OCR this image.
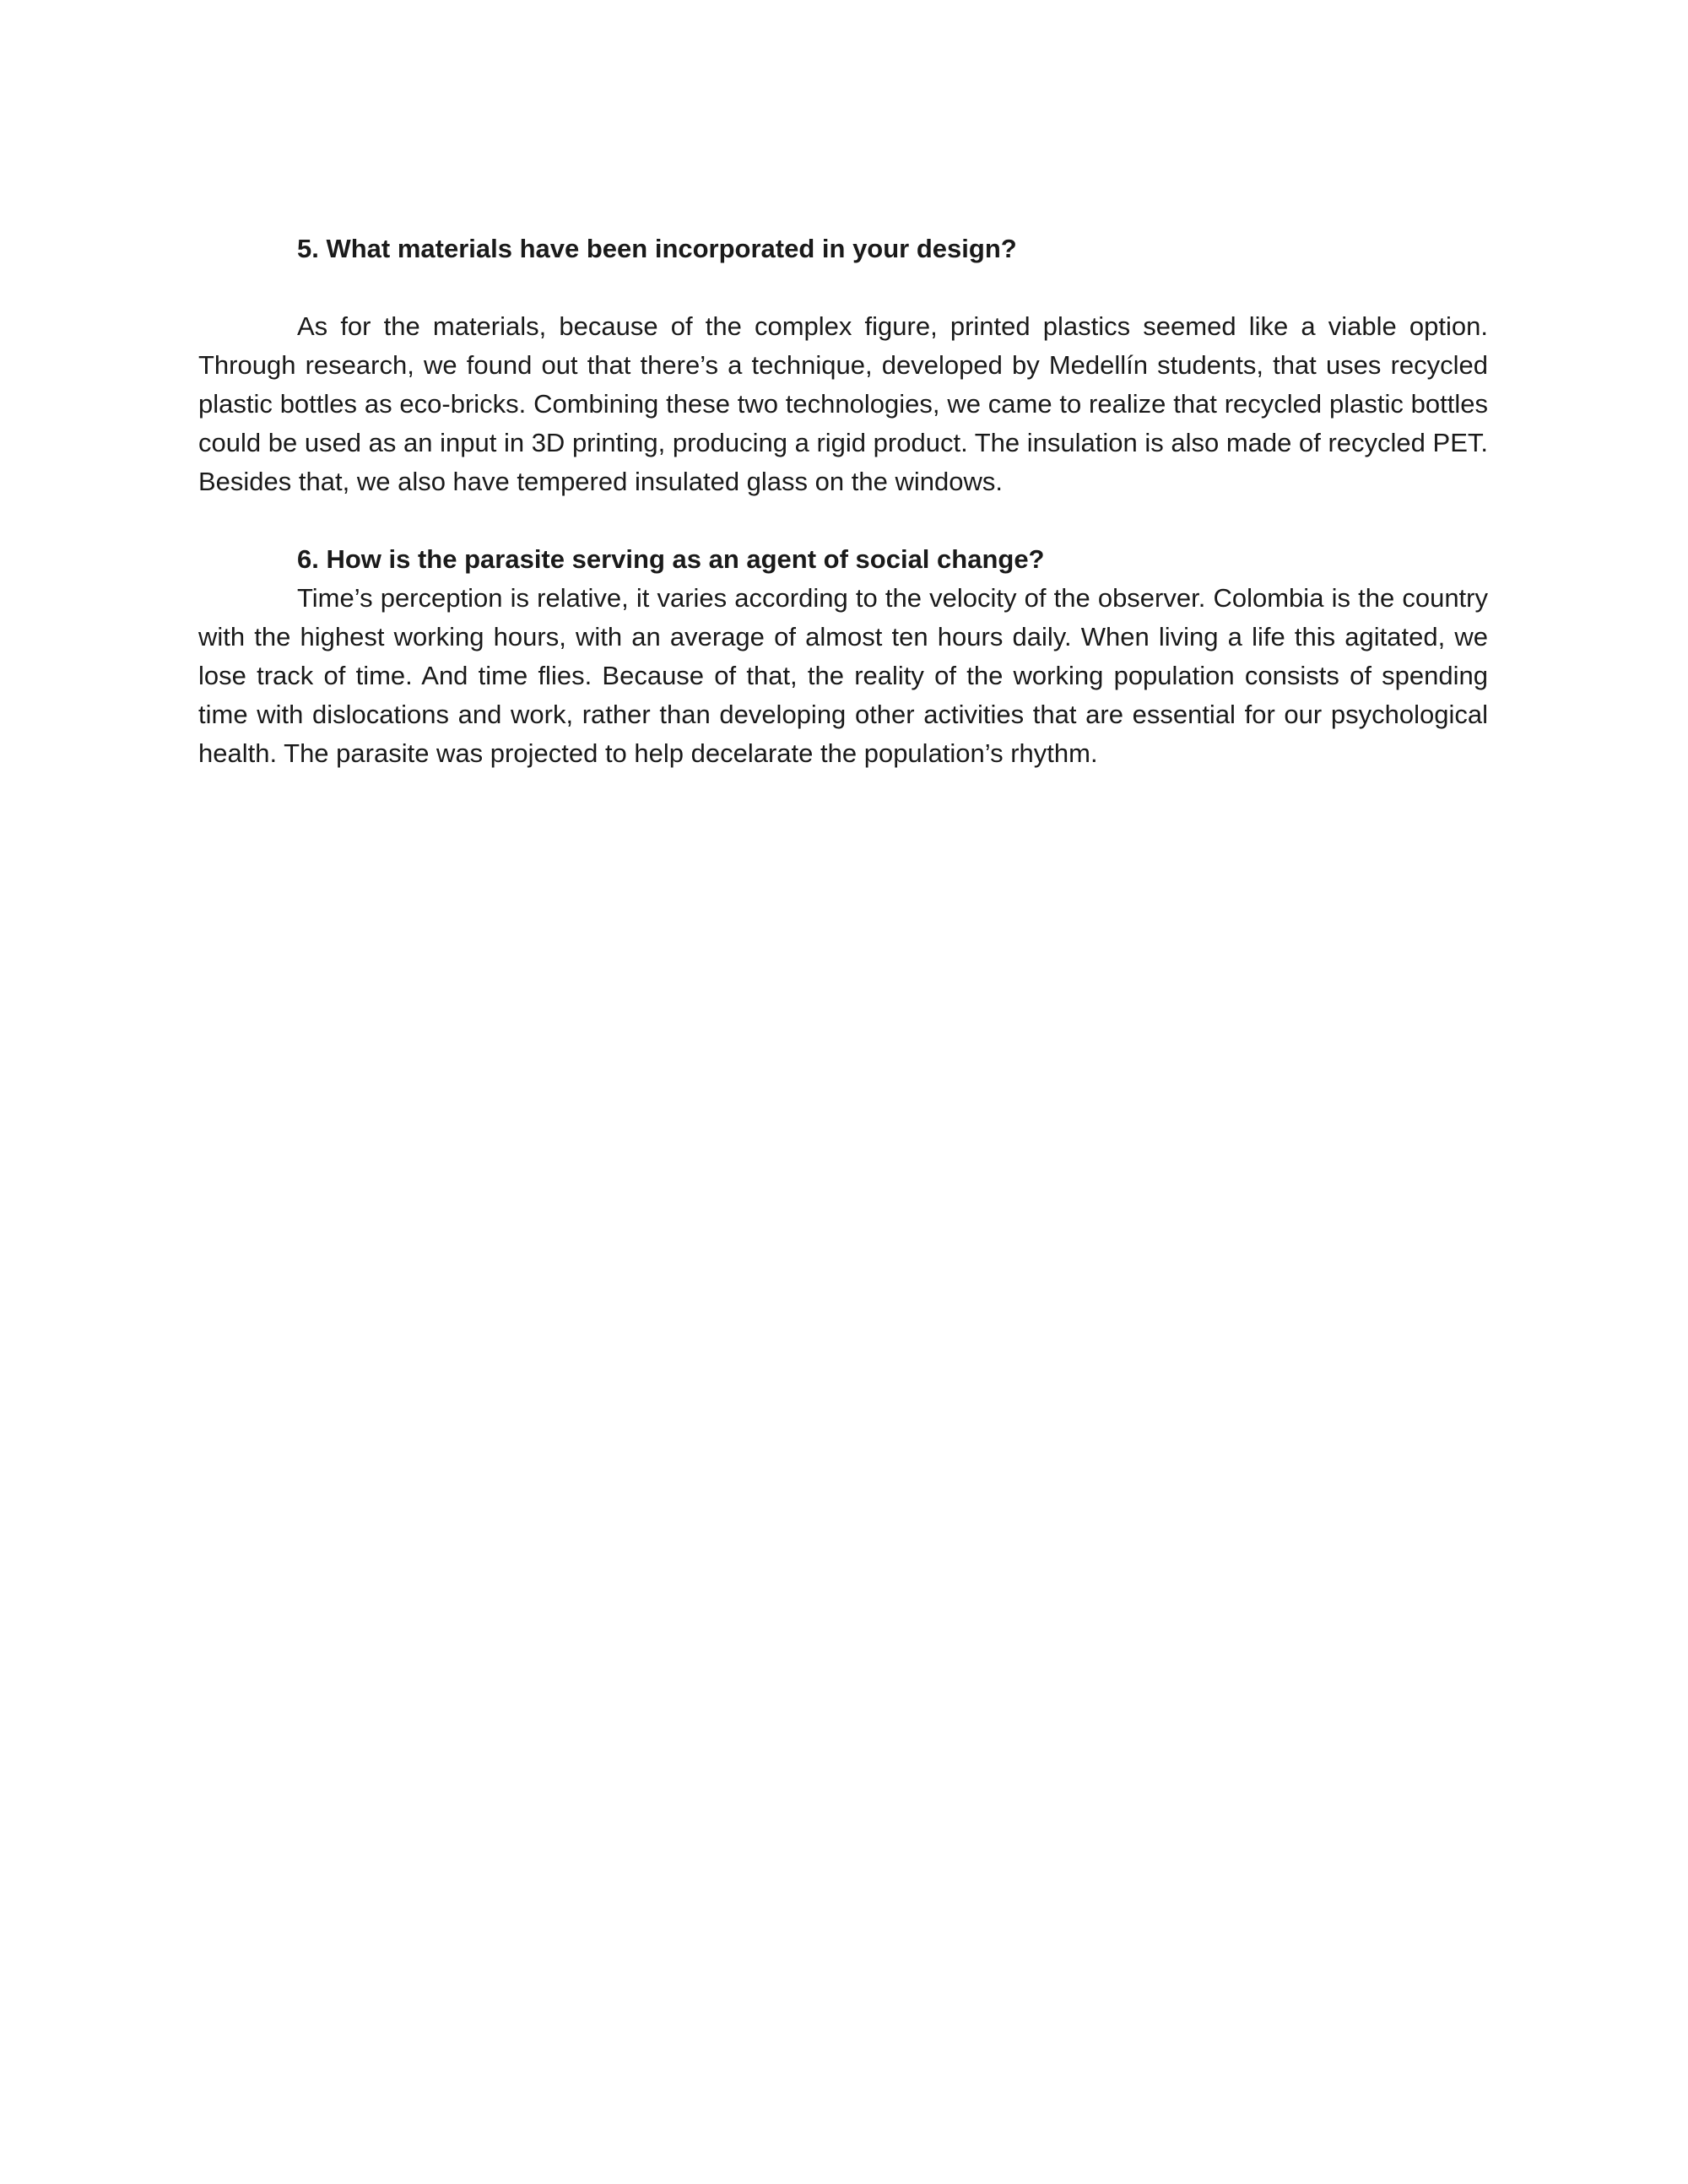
5. What materials have been incorporated in your design?

As for the materials, because of the complex figure, printed plastics seemed like a viable option. Through research, we found out that there’s a technique, developed by Medellín students, that uses recycled plastic bottles as eco-bricks. Combining these two technologies, we came to realize that recycled plastic bottles could be used as an input in 3D printing, producing a rigid product. The insulation is also made of recycled PET. Besides that, we also have tempered insulated glass on the windows.

6. How is the parasite serving as an agent of social change?

Time’s perception is relative, it varies according to the velocity of the observer. Colombia is the country with the highest working hours, with an average of almost ten hours daily. When living a life this agitated, we lose track of time. And time flies. Because of that, the reality of the working population consists of spending time with dislocations and work, rather than developing other activities that are essential for our psychological health. The parasite was projected to help decelarate the population’s rhythm.
